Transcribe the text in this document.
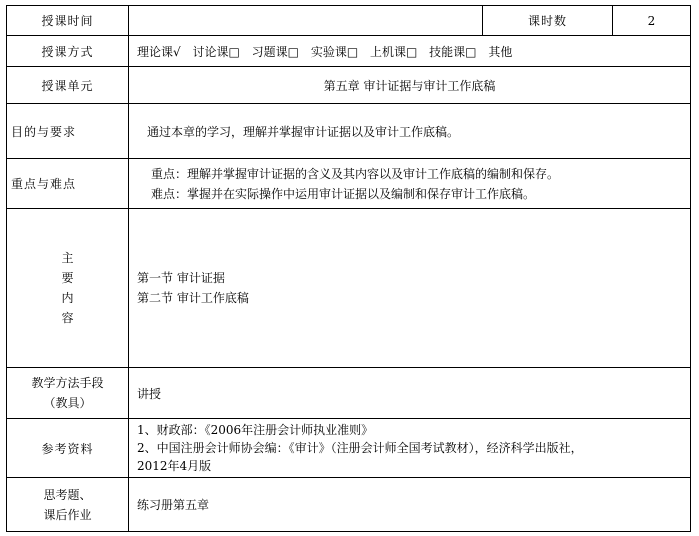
授课时间		课时数	2
授课方式	理论课√ 讨论课□ 习题课□ 实验课□ 上机课□ 技能课□ 其他		
授课单元	第五章 审计证据与审计工作底稿		
目的与要求	通过本章的学习，理解并掌握审计证据以及审计工作底稿。		
重点与难点	重点：理解并掌握审计证据的含义及其内容以及审计工作底稿的编制和保存。
难点：掌握并在实际操作中运用审计证据以及编制和保存审计工作底稿。		

主
要
内
容	第一节 审计证据
第二节 审计工作底稿		

教学方法手段
（教具）	讲授		
参考资料	1、财政部：《2006年注册会计师执业准则》
2、中国注册会计师协会编：《审计》（注册会计师全国考试教材），经济科学出版社，
2012年4月版		

思考题、
课后作业	练习册第五章		
